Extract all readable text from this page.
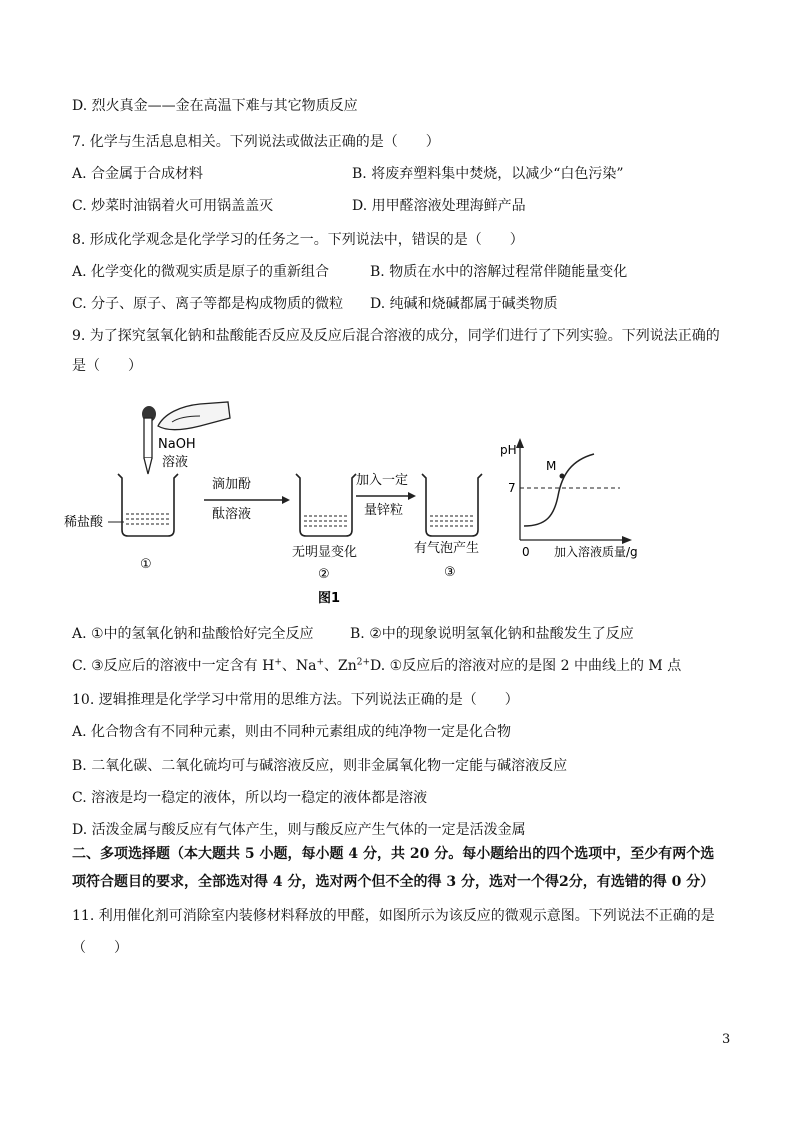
D. 烈火真金——金在高温下难与其它物质反应
7. 化学与生活息息相关。下列说法或做法正确的是（　　）
A. 合金属于合成材料	B. 将废弃塑料集中焚烧，以减少“白色污染”
C. 炒菜时油锅着火可用锅盖盖灭	D. 用甲醛溶液处理海鲜产品
8. 形成化学观念是化学学习的任务之一。下列说法中，错误的是（　　）
A. 化学变化的微观实质是原子的重新组合	B. 物质在水中的溶解过程常伴随能量变化
C. 分子、原子、离子等都是构成物质的微粒 D. 纯碱和烧碱都属于碱类物质
9. 为了探究氢氧化钠和盐酸能否反应及反应后混合溶液的成分，同学们进行了下列实验。下列说法正确的
是（　　）
NaOH
溶液
稀盐酸
①
滴加酚
酞溶液
无明显变化
②
加入一定
量锌粒
有气泡产生
③
pH
M
7
0 加入溶液质量/g
图1
A. ①中的氢氧化钠和盐酸恰好完全反应	B. ②中的现象说明氢氧化钠和盐酸发生了反应
C. ③反应后的溶液中一定含有 H+、Na+、$Zn^{2+}$ D. ①反应后的溶液对应的是图 2 中曲线上的 M 点
10. 逻辑推理是化学学习中常用的思维方法。下列说法正确的是（　　）
A. 化合物含有不同种元素，则由不同种元素组成的纯净物一定是化合物
B. 二氧化碳、二氧化硫均可与碱溶液反应，则非金属氧化物一定能与碱溶液反应
C. 溶液是均一稳定的液体，所以均一稳定的液体都是溶液
D. 活泼金属与酸反应有气体产生，则与酸反应产生气体的一定是活泼金属
二、多项选择题（本大题共 5 小题，每小题 4 分，共 20 分。每小题给出的四个选项中，至少有两个选
项符合题目的要求，全部选对得 4 分，选对两个但不全的得 3 分，选对一个得2分，有选错的得 0 分）
11. 利用催化剂可消除室内装修材料释放的甲醛，如图所示为该反应的微观示意图。下列说法不正确的是
（　　）
3
